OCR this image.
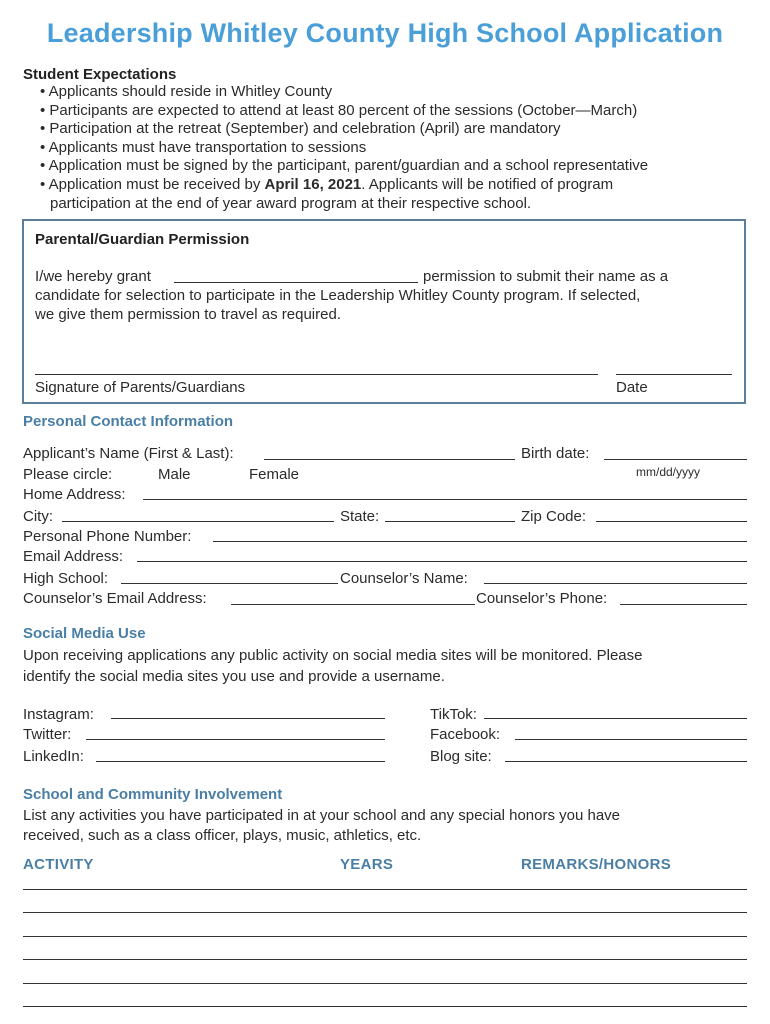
Leadership Whitley County High School Application
Student Expectations
• Applicants should reside in Whitley County
• Participants are expected to attend at least 80 percent of the sessions (October—March)
• Participation at the retreat (September) and celebration (April) are mandatory
• Applicants must have transportation to sessions
• Application must be signed by the participant, parent/guardian and a school representative
• Application must be received by April 16, 2021. Applicants will be notified of program
participation at the end of year award program at their respective school.
Parental/Guardian Permission
I/we hereby grant	permission to submit their name as a
candidate for selection to participate in the Leadership Whitley County program. If selected,
we give them permission to travel as required.
Signature of Parents/Guardians	Date
Personal Contact Information
Applicant’s Name (First & Last):	Birth date:
mm/dd/yyyy
Please circle:	Male	Female
Home Address:
City:	State:	Zip Code:
Personal Phone Number:
Email Address:
High School:	Counselor’s Name:
Counselor’s Email Address:	Counselor’s Phone:
Social Media Use
Upon receiving applications any public activity on social media sites will be monitored. Please
identify the social media sites you use and provide a username.
Instagram:	TikTok:
Twitter:	Facebook:
LinkedIn:	Blog site:
School and Community Involvement
List any activities you have participated in at your school and any special honors you have
received, such as a class officer, plays, music, athletics, etc.
ACTIVITY	YEARS	REMARKS/HONORS
